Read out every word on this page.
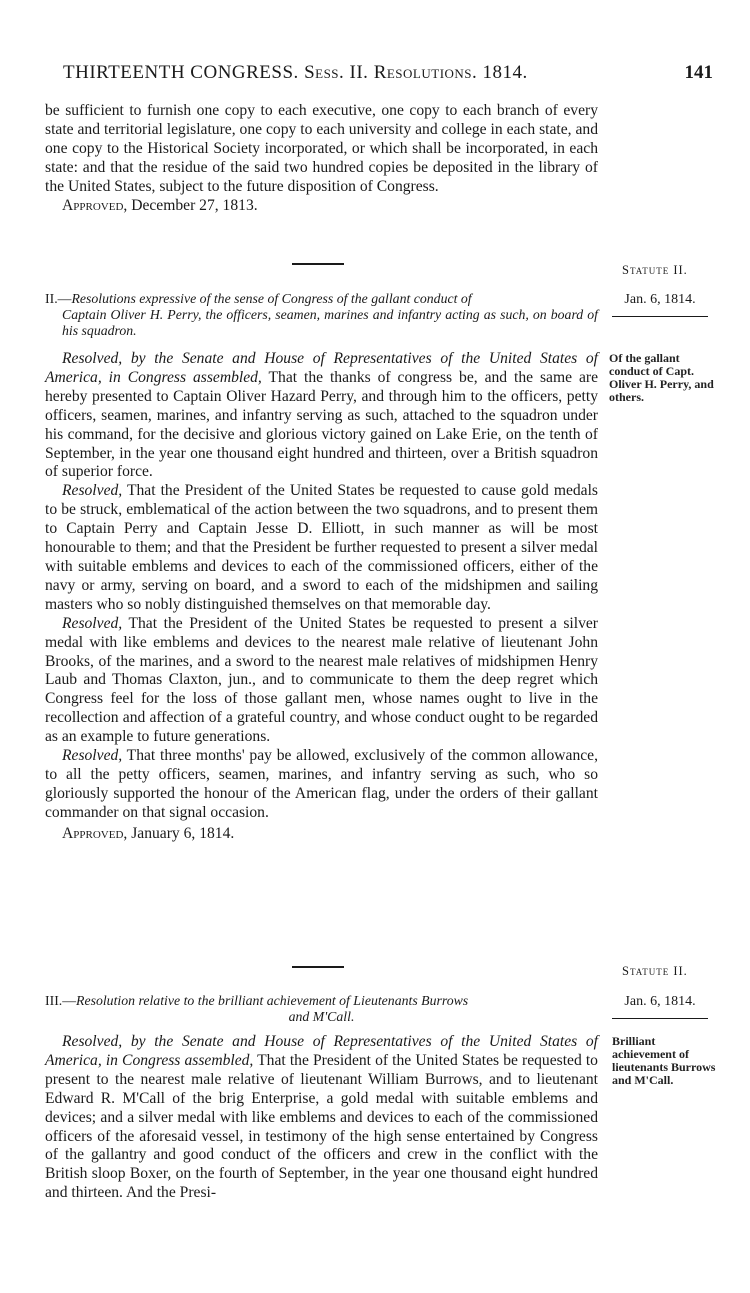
THIRTEENTH CONGRESS. Sess. II. Resolutions. 1814.	141

be sufficient to furnish one copy to each executive, one copy to each branch of every state and territorial legislature, one copy to each university and college in each state, and one copy to the Historical Society incorporated, or which shall be incorporated, in each state: and that the residue of the said two hundred copies be deposited in the library of the United States, subject to the future disposition of Congress.

Approved, December 27, 1813.

Statute II.
Jan. 6, 1814.
II.—Resolutions expressive of the sense of Congress of the gallant conduct of
Captain Oliver H. Perry, the officers, seamen, marines and infantry acting as such, on board of his squadron.
Of the gallant conduct of Capt. Oliver H. Perry, and others.

Resolved, by the Senate and House of Representatives of the United States of America, in Congress assembled, That the thanks of congress be, and the same are hereby presented to Captain Oliver Hazard Perry, and through him to the officers, petty officers, seamen, marines, and infantry serving as such, attached to the squadron under his command, for the decisive and glorious victory gained on Lake Erie, on the tenth of September, in the year one thousand eight hundred and thirteen, over a British squadron of superior force.

Resolved, That the President of the United States be requested to cause gold medals to be struck, emblematical of the action between the two squadrons, and to present them to Captain Perry and Captain Jesse D. Elliott, in such manner as will be most honourable to them; and that the President be further requested to present a silver medal with suitable emblems and devices to each of the commissioned officers, either of the navy or army, serving on board, and a sword to each of the midshipmen and sailing masters who so nobly distinguished themselves on that memorable day.

Resolved, That the President of the United States be requested to present a silver medal with like emblems and devices to the nearest male relative of lieutenant John Brooks, of the marines, and a sword to the nearest male relatives of midshipmen Henry Laub and Thomas Claxton, jun., and to communicate to them the deep regret which Congress feel for the loss of those gallant men, whose names ought to live in the recollection and affection of a grateful country, and whose conduct ought to be regarded as an example to future generations.

Resolved, That three months' pay be allowed, exclusively of the common allowance, to all the petty officers, seamen, marines, and infantry serving as such, who so gloriously supported the honour of the American flag, under the orders of their gallant commander on that signal occasion.

Approved, January 6, 1814.

Statute II.
Jan. 6, 1814.
III.—Resolution relative to the brilliant achievement of Lieutenants Burrows
and M'Call.
Brilliant achievement of lieutenants Burrows and M'Call.

Resolved, by the Senate and House of Representatives of the United States of America, in Congress assembled, That the President of the United States be requested to present to the nearest male relative of lieutenant William Burrows, and to lieutenant Edward R. M'Call of the brig Enterprise, a gold medal with suitable emblems and devices; and a silver medal with like emblems and devices to each of the commissioned officers of the aforesaid vessel, in testimony of the high sense entertained by Congress of the gallantry and good conduct of the officers and crew in the conflict with the British sloop Boxer, on the fourth of September, in the year one thousand eight hundred and thirteen. And the Presi-
